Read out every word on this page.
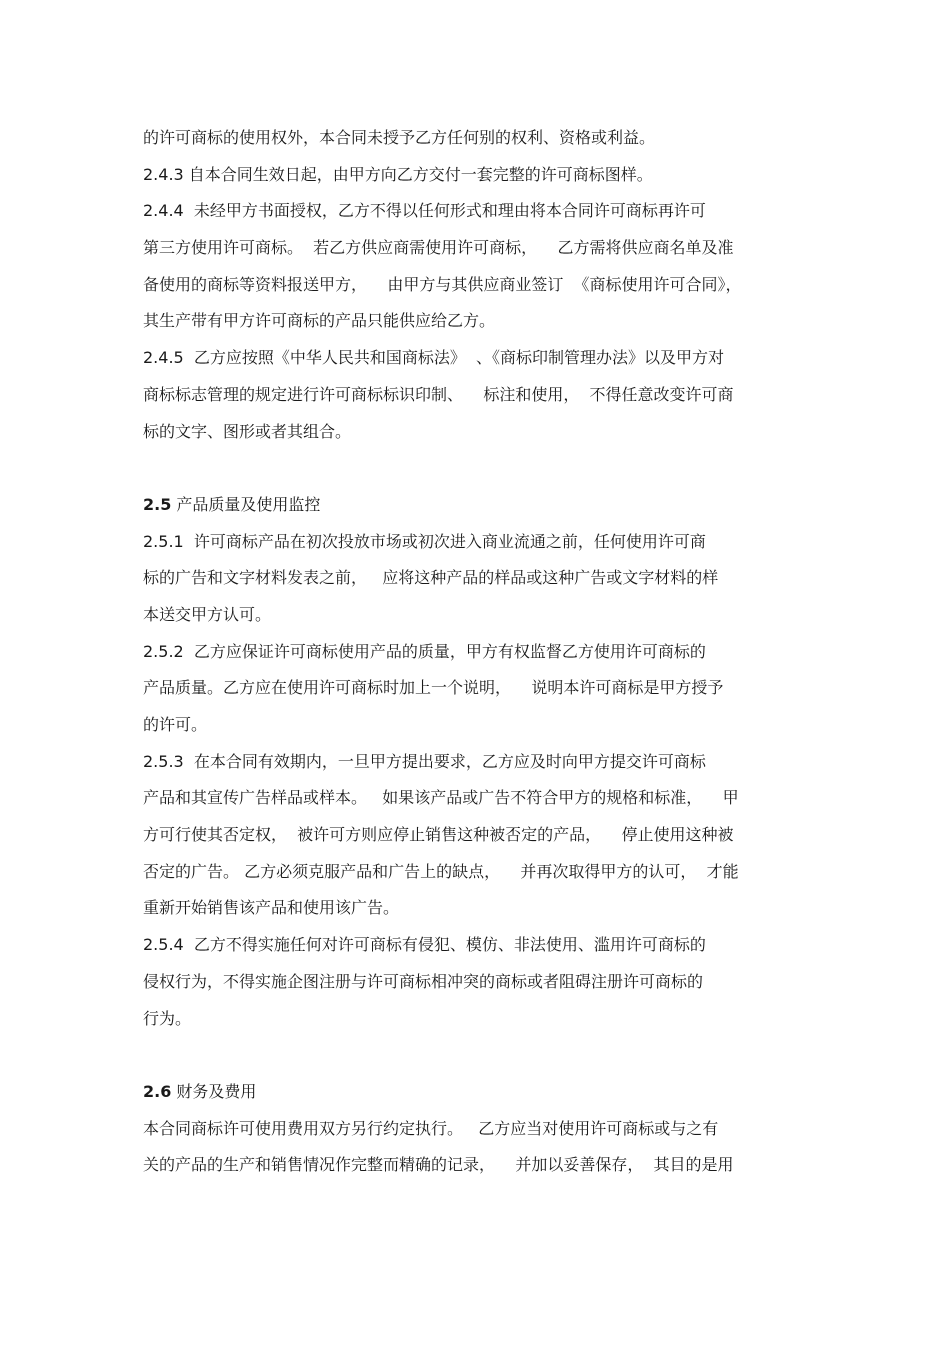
的许可商标的使用权外，本合同未授予乙方任何别的权利、资格或利益。
2.4.3 自本合同生效日起，由甲方向乙方交付一套完整的许可商标图样。
2.4.4  未经甲方书面授权，乙方不得以任何形式和理由将本合同许可商标再许可
第三方使用许可商标。  若乙方供应商需使用许可商标，    乙方需将供应商名单及准
备使用的商标等资料报送甲方，    由甲方与其供应商业签订  《商标使用许可合同》，
其生产带有甲方许可商标的产品只能供应给乙方。
2.4.5  乙方应按照《中华人民共和国商标法》  、《商标印制管理办法》以及甲方对
商标标志管理的规定进行许可商标标识印制、    标注和使用，  不得任意改变许可商
标的文字、图形或者其组合。
2.5 产品质量及使用监控
2.5.1  许可商标产品在初次投放市场或初次进入商业流通之前，任何使用许可商
标的广告和文字材料发表之前，   应将这种产品的样品或这种广告或文字材料的样
本送交甲方认可。
2.5.2  乙方应保证许可商标使用产品的质量，甲方有权监督乙方使用许可商标的
产品质量。乙方应在使用许可商标时加上一个说明，    说明本许可商标是甲方授予
的许可。
2.5.3  在本合同有效期内，一旦甲方提出要求，乙方应及时向甲方提交许可商标
产品和其宣传广告样品或样本。   如果该产品或广告不符合甲方的规格和标准，    甲
方可行使其否定权，  被许可方则应停止销售这种被否定的产品，    停止使用这种被
否定的广告。 乙方必须克服产品和广告上的缺点，    并再次取得甲方的认可，  才能
重新开始销售该产品和使用该广告。
2.5.4  乙方不得实施任何对许可商标有侵犯、模仿、非法使用、滥用许可商标的
侵权行为，不得实施企图注册与许可商标相冲突的商标或者阻碍注册许可商标的
行为。
2.6 财务及费用
本合同商标许可使用费用双方另行约定执行。   乙方应当对使用许可商标或与之有
关的产品的生产和销售情况作完整而精确的记录，    并加以妥善保存，  其目的是用
